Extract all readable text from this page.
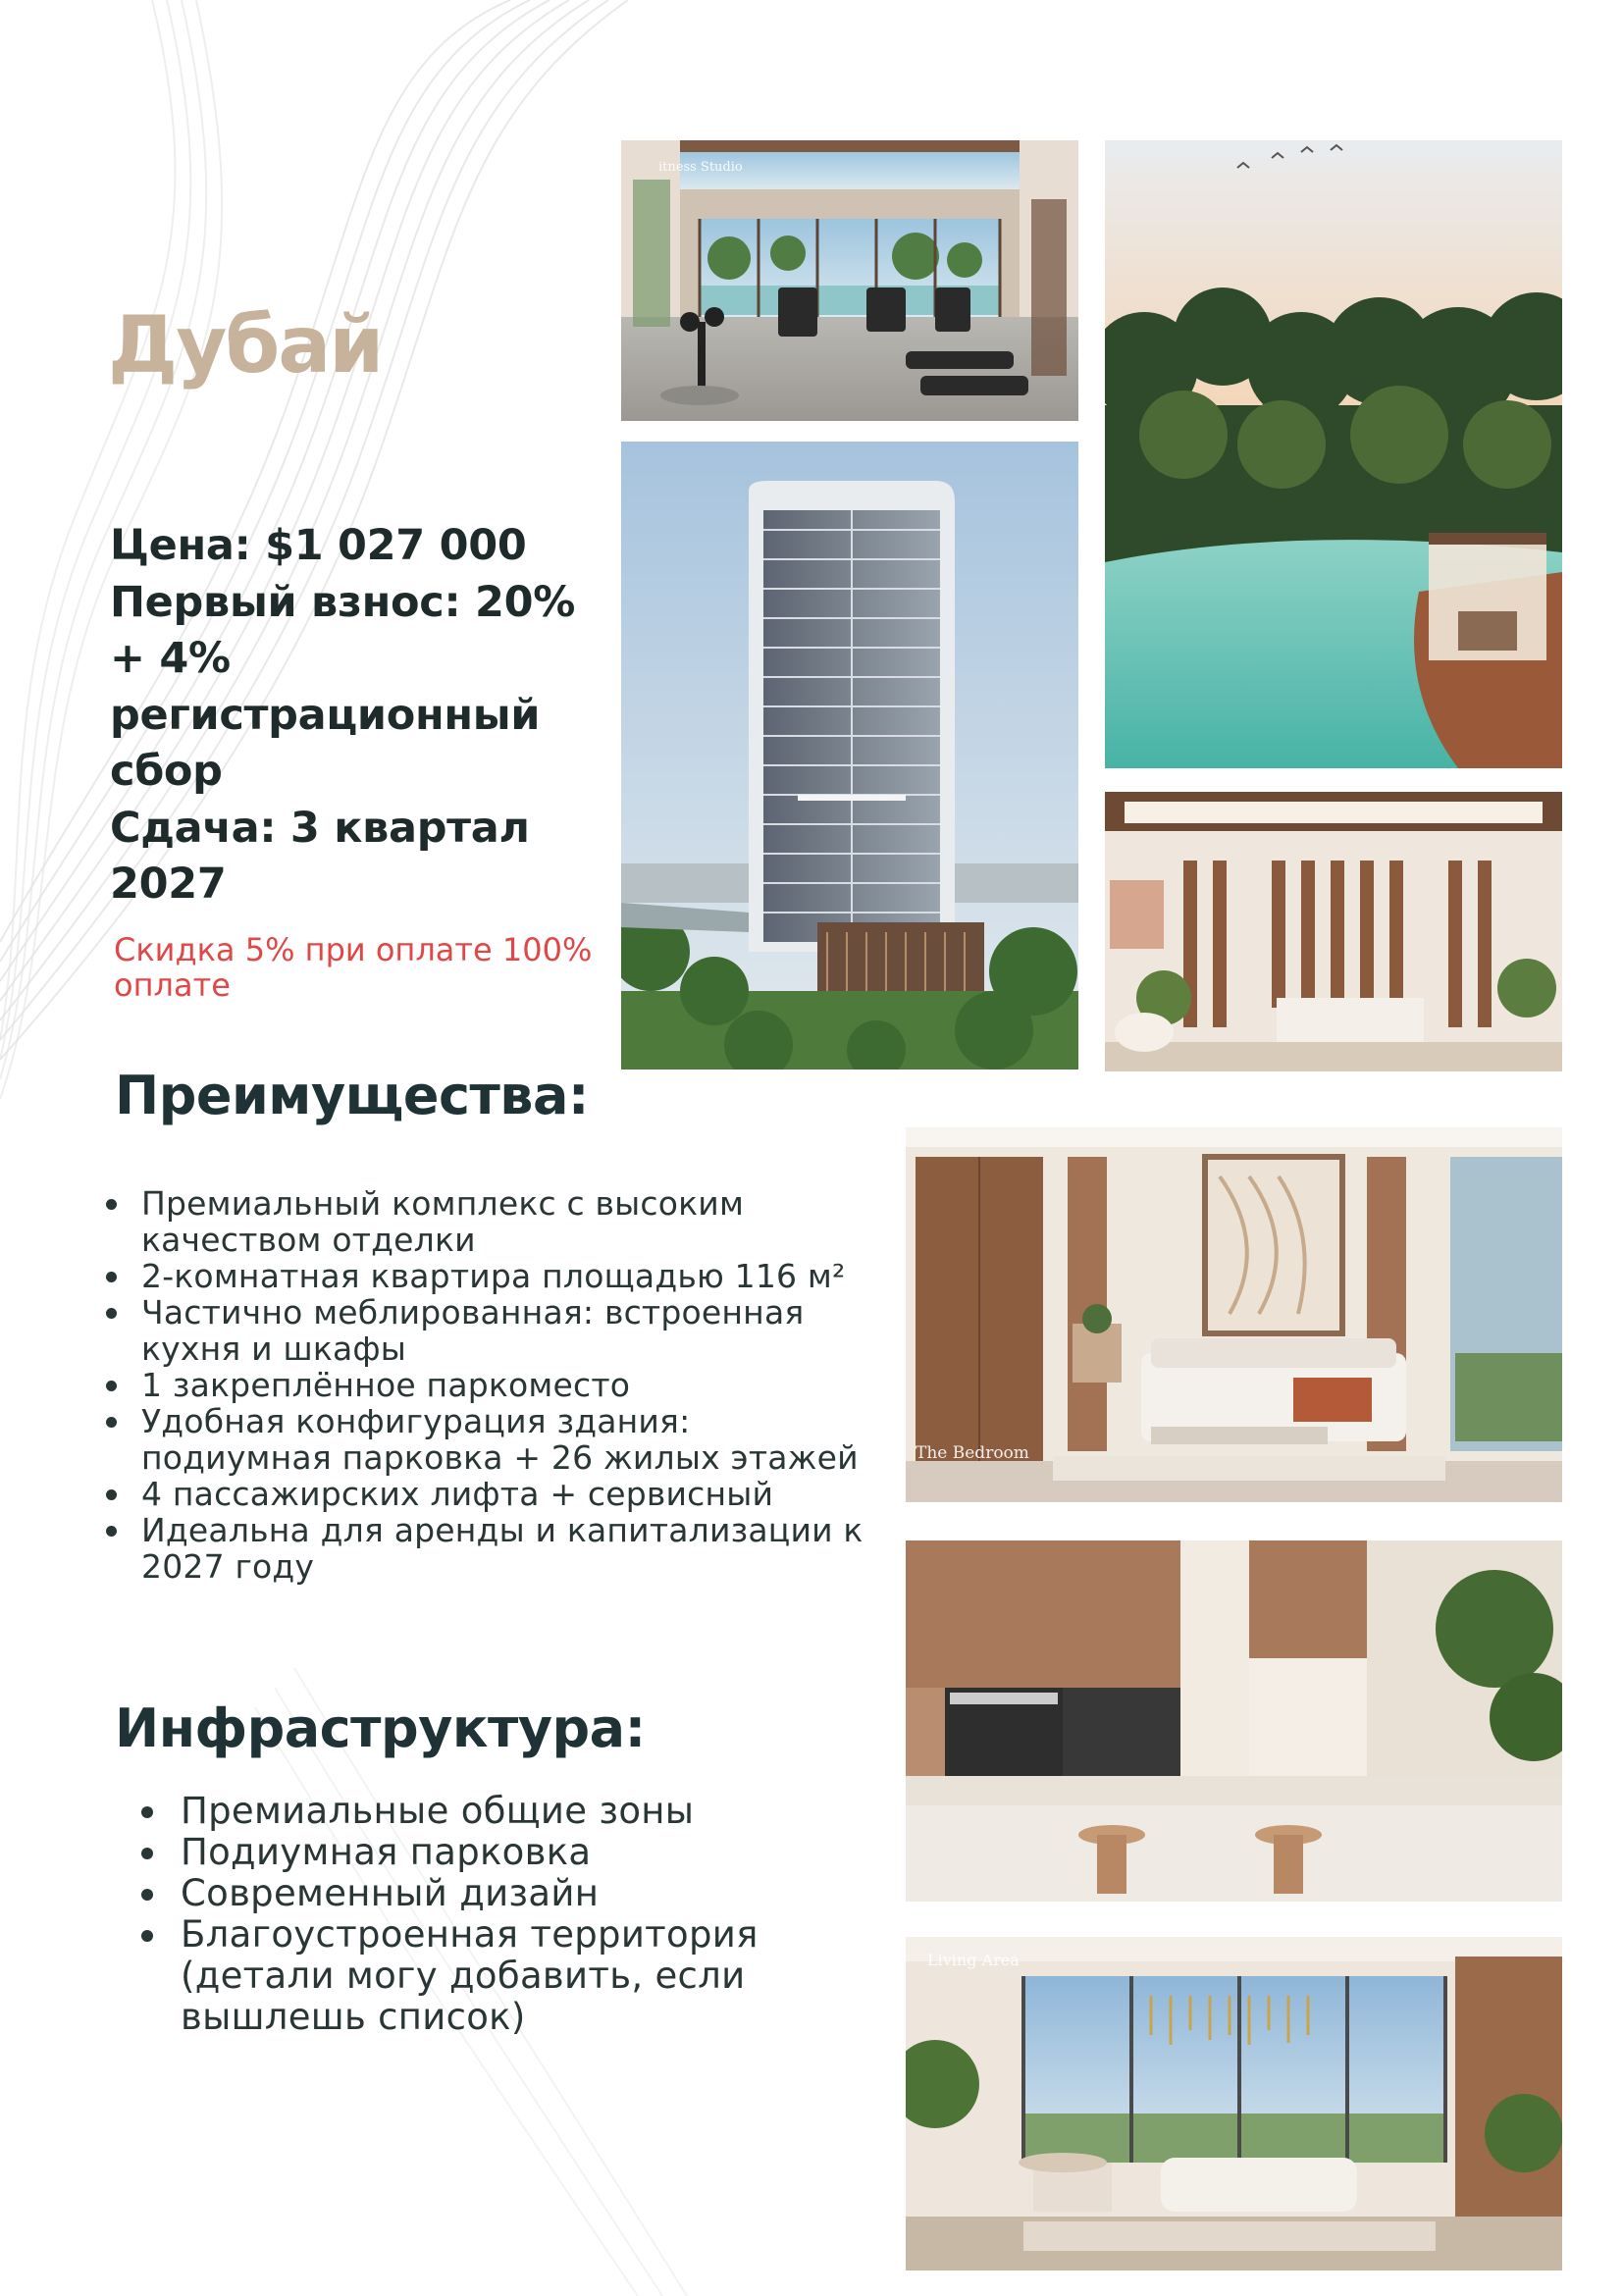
Дубай
Цена: $1 027 000
Первый взнос: 20%
+ 4%
регистрационный
сбор
Сдача: 3 квартал
2027
Скидка 5% при оплате 100%
оплате
Преимущества:
Премиальный комплекс с высоким качеством отделки
2-комнатная квартира площадью 116 м²
Частично меблированная: встроенная кухня и шкафы
1 закреплённое паркоместо
Удобная конфигурация здания: подиумная парковка + 26 жилых этажей
4 пассажирских лифта + сервисный
Идеальна для аренды и капитализации к 2027 году
Инфраструктура:
Премиальные общие зоны
Подиумная парковка
Современный дизайн
Благоустроенная территория (детали могу добавить, если вышлешь список)
itness Studio
The Bedroom
Living Area
